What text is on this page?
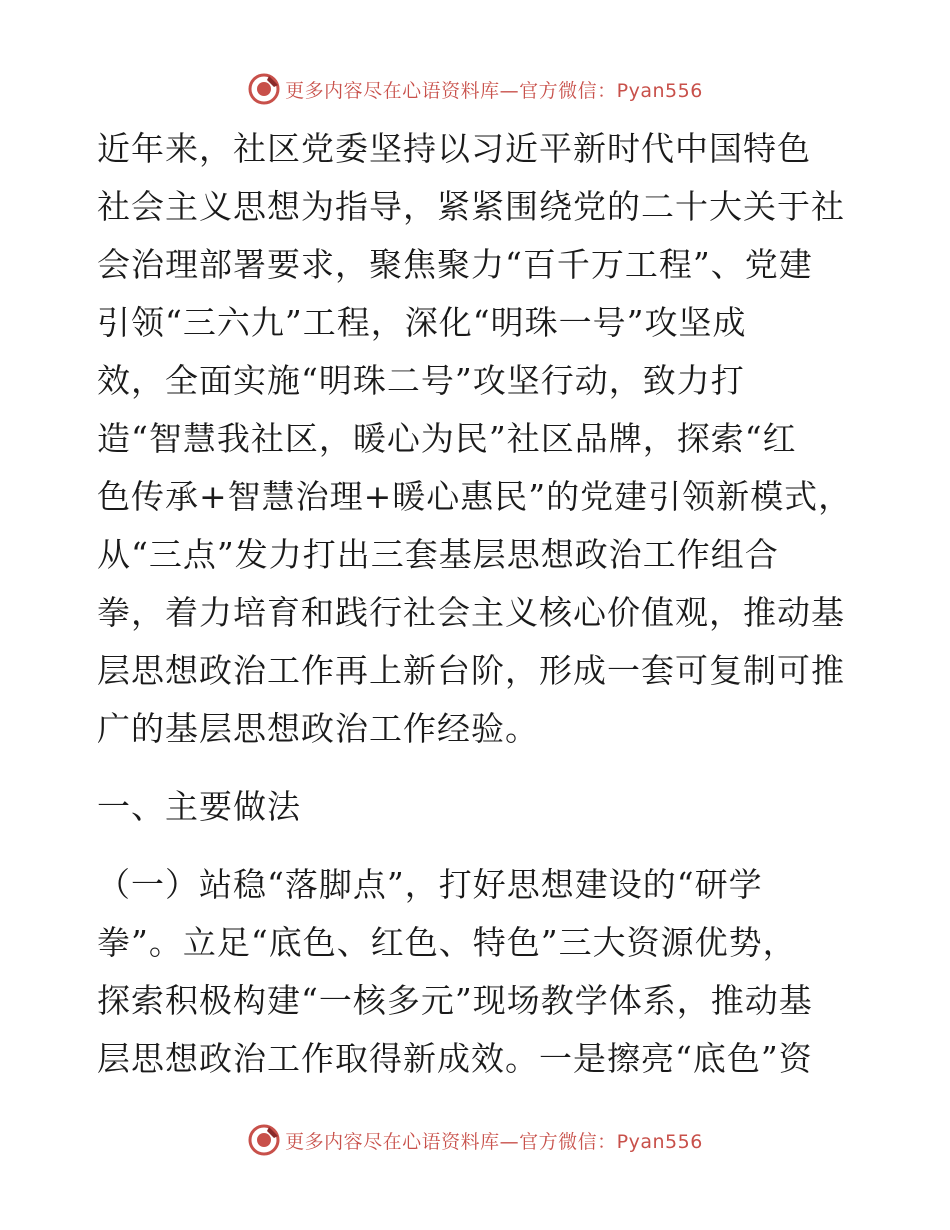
更多内容尽在心语资料库—官方微信：Pyan556

近年来，社区党委坚持以习近平新时代中国特色
社会主义思想为指导，紧紧围绕党的二十大关于社
会治理部署要求，聚焦聚力“百千万工程”、党建
引领“三六九”工程，深化“明珠一号”攻坚成
效，全面实施“明珠二号”攻坚行动，致力打
造“智慧我社区，暖心为民”社区品牌，探索“红
色传承+智慧治理+暖心惠民”的党建引领新模式，
从“三点”发力打出三套基层思想政治工作组合
拳，着力培育和践行社会主义核心价值观，推动基
层思想政治工作再上新台阶，形成一套可复制可推
广的基层思想政治工作经验。

一、主要做法

（一）站稳“落脚点”，打好思想建设的“研学
拳”。立足“底色、红色、特色”三大资源优势，
探索积极构建“一核多元”现场教学体系，推动基
层思想政治工作取得新成效。一是擦亮“底色”资

更多内容尽在心语资料库—官方微信：Pyan556
